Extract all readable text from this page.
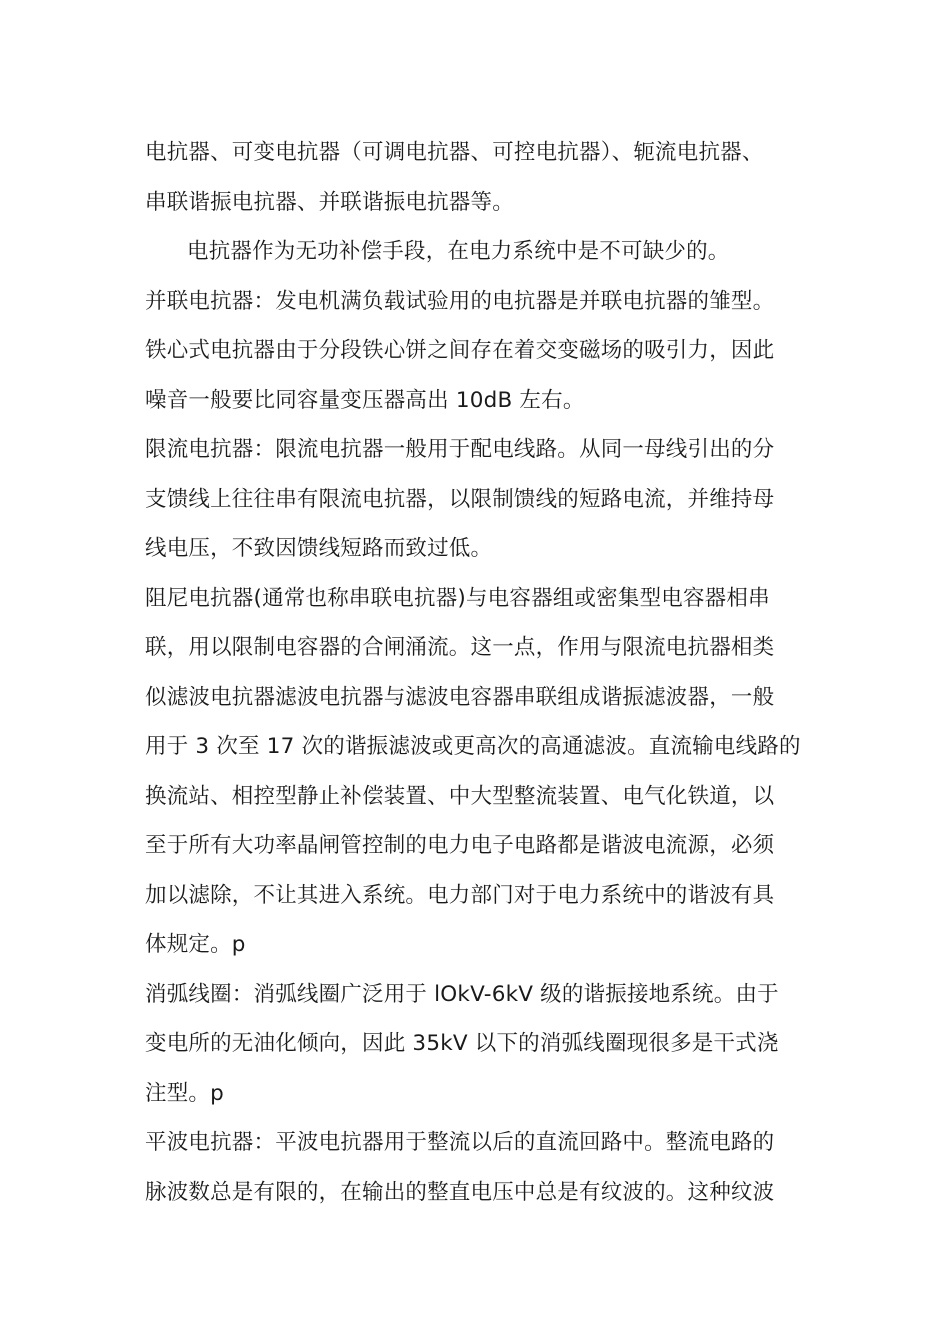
电抗器、可变电抗器（可调电抗器、可控电抗器）、轭流电抗器、
串联谐振电抗器、并联谐振电抗器等。
电抗器作为无功补偿手段，在电力系统中是不可缺少的。
并联电抗器：发电机满负载试验用的电抗器是并联电抗器的雏型。
铁心式电抗器由于分段铁心饼之间存在着交变磁场的吸引力，因此
噪音一般要比同容量变压器高出 10dB 左右。
限流电抗器：限流电抗器一般用于配电线路。从同一母线引出的分
支馈线上往往串有限流电抗器，以限制馈线的短路电流，并维持母
线电压，不致因馈线短路而致过低。
阻尼电抗器(通常也称串联电抗器)与电容器组或密集型电容器相串
联，用以限制电容器的合闸涌流。这一点，作用与限流电抗器相类
似滤波电抗器滤波电抗器与滤波电容器串联组成谐振滤波器，一般
用于 3 次至 17 次的谐振滤波或更高次的高通滤波。直流输电线路的
换流站、相控型静止补偿装置、中大型整流装置、电气化铁道，以
至于所有大功率晶闸管控制的电力电子电路都是谐波电流源，必须
加以滤除，不让其进入系统。电力部门对于电力系统中的谐波有具
体规定。p
消弧线圈：消弧线圈广泛用于 lOkV-6kV 级的谐振接地系统。由于
变电所的无油化倾向，因此 35kV 以下的消弧线圈现很多是干式浇
注型。p
平波电抗器：平波电抗器用于整流以后的直流回路中。整流电路的
脉波数总是有限的，在输出的整直电压中总是有纹波的。这种纹波
